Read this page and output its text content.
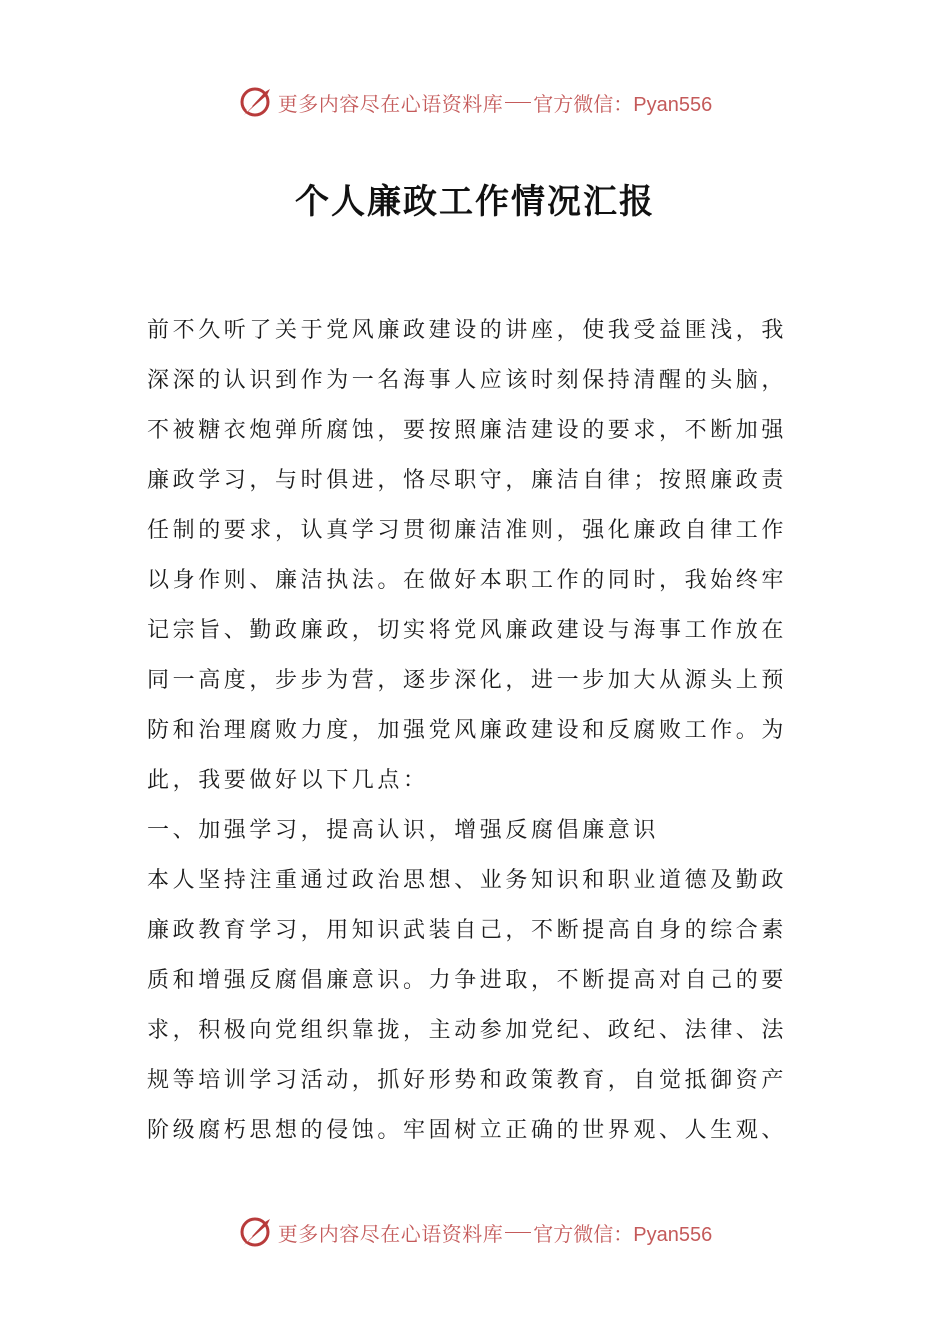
更多内容尽在心语资料库 官方微信：Pyan556
个人廉政工作情况汇报
前不久听了关于党风廉政建设的讲座，使我受益匪浅，我
深深的认识到作为一名海事人应该时刻保持清醒的头脑，
不被糖衣炮弹所腐蚀，要按照廉洁建设的要求，不断加强
廉政学习，与时俱进，恪尽职守，廉洁自律；按照廉政责
任制的要求，认真学习贯彻廉洁准则，强化廉政自律工作
以身作则、廉洁执法。在做好本职工作的同时，我始终牢
记宗旨、勤政廉政，切实将党风廉政建设与海事工作放在
同一高度，步步为营，逐步深化，进一步加大从源头上预
防和治理腐败力度，加强党风廉政建设和反腐败工作。为
此，我要做好以下几点：
一、加强学习，提高认识，增强反腐倡廉意识
本人坚持注重通过政治思想、业务知识和职业道德及勤政
廉政教育学习，用知识武装自己，不断提高自身的综合素
质和增强反腐倡廉意识。力争进取，不断提高对自己的要
求，积极向党组织靠拢，主动参加党纪、政纪、法律、法
规等培训学习活动，抓好形势和政策教育，自觉抵御资产
阶级腐朽思想的侵蚀。牢固树立正确的世界观、人生观、
更多内容尽在心语资料库 官方微信：Pyan556
